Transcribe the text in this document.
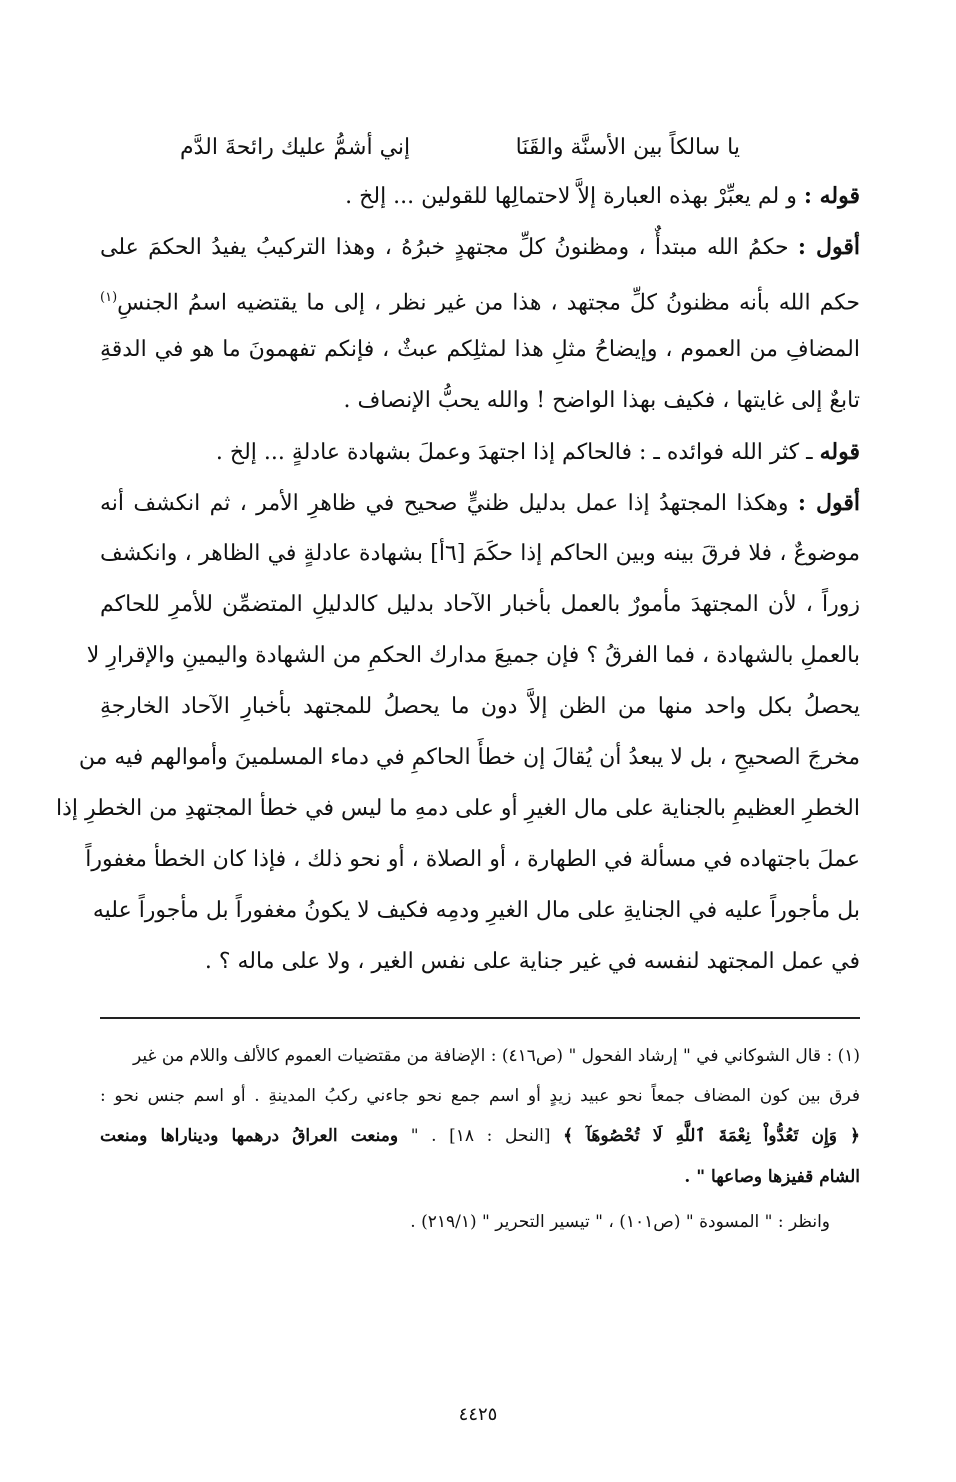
يا سالكاً بين الأسنَّة والقَنَا
إني أشمُّ عليك رائحةَ الدَّم
قوله : و لم يعبِّرْ بهذه العبارة إلاَّ لاحتمالِها للقولين ... إلخ .
أقول : حكمُ الله مبتدأٌ ، ومظنونُ كلِّ مجتهدٍ خبرُهُ ، وهذا التركيبُ يفيدُ الحكمَ على
حكم الله بأنه مظنونُ كلِّ مجتهد ، هذا من غير نظر ، إلى ما يقتضيه اسمُ الجنسِ$^{(١)}$
المضافِ من العموم ، وإيضاحُ مثلِ هذا لمثلِكم عبثٌ ، فإنكم تفهمونَ ما هو في الدقةِ
تابعٌ إلى غايتها ، فكيف بهذا الواضح ! والله يحبُّ الإنصاف .
قوله ـ كثر الله فوائده ـ : فالحاكم إذا اجتهدَ وعملَ بشهادة عادلةٍ ... إلخ .
أقول : وهكذا المجتهدُ إذا عمل بدليل ظنيٍّ صحيح في ظاهرِ الأمر ، ثم انكشف أنه
موضوعٌ ، فلا فرقَ بينه وبين الحاكم إذا حكَمَ [٦أ] بشهادة عادلةٍ في الظاهر ، وانكشف
زوراً ، لأن المجتهدَ مأمورٌ بالعمل بأخبار الآحاد بدليل كالدليلِ المتضمِّن للأمرِ للحاكم
بالعملِ بالشهادة ، فما الفرقُ ؟ فإن جميعَ مدارك الحكمِ من الشهادة واليمينِ والإقرارِ لا
يحصلُ بكل واحد منها من الظن إلاَّ دون ما يحصلُ للمجتهد بأخبارِ الآحاد الخارجةِ
مخرجَ الصحيحِ ، بل لا يبعدُ أن يُقالَ إن خطأَ الحاكمِ في دماء المسلمينَ وأموالهم فيه من
الخطرِ العظيمِ بالجناية على مال الغيرِ أو على دمهِ ما ليس في خطأ المجتهدِ من الخطرِ إذا
عملَ باجتهاده في مسألة في الطهارة ، أو الصلاة ، أو نحو ذلك ، فإذا كان الخطأ مغفوراً
بل مأجوراً عليه في الجنايةِ على مال الغيرِ ودمِه فكيف لا يكونُ مغفوراً بل مأجوراً عليه
في عمل المجتهد لنفسه في غير جناية على نفس الغير ، ولا على ماله ؟ .
(١) : قال الشوكاني في " إرشاد الفحول " (ص٤١٦) : الإضافة من مقتضيات العموم كالألف واللام من غير
فرق بين كون المضاف جمعاً نحو عبيد زيدٍ أو اسم جمع نحو جاءني ركبُ المدينةِ . أو اسم جنس نحو :
﴿ وَإِن تَعُدُّواْ نِعْمَةَ ٱللَّهِ لَا تُحْصُوهَآ ﴾ [النحل : ١٨] . " ومنعت العراقُ درهمها وديناراها ومنعت
الشام قفيزها وصاعها " .
وانظر : " المسودة " (ص١٠١) ، " تيسير التحرير " (٢١٩/١) .
٤٤٢٥
